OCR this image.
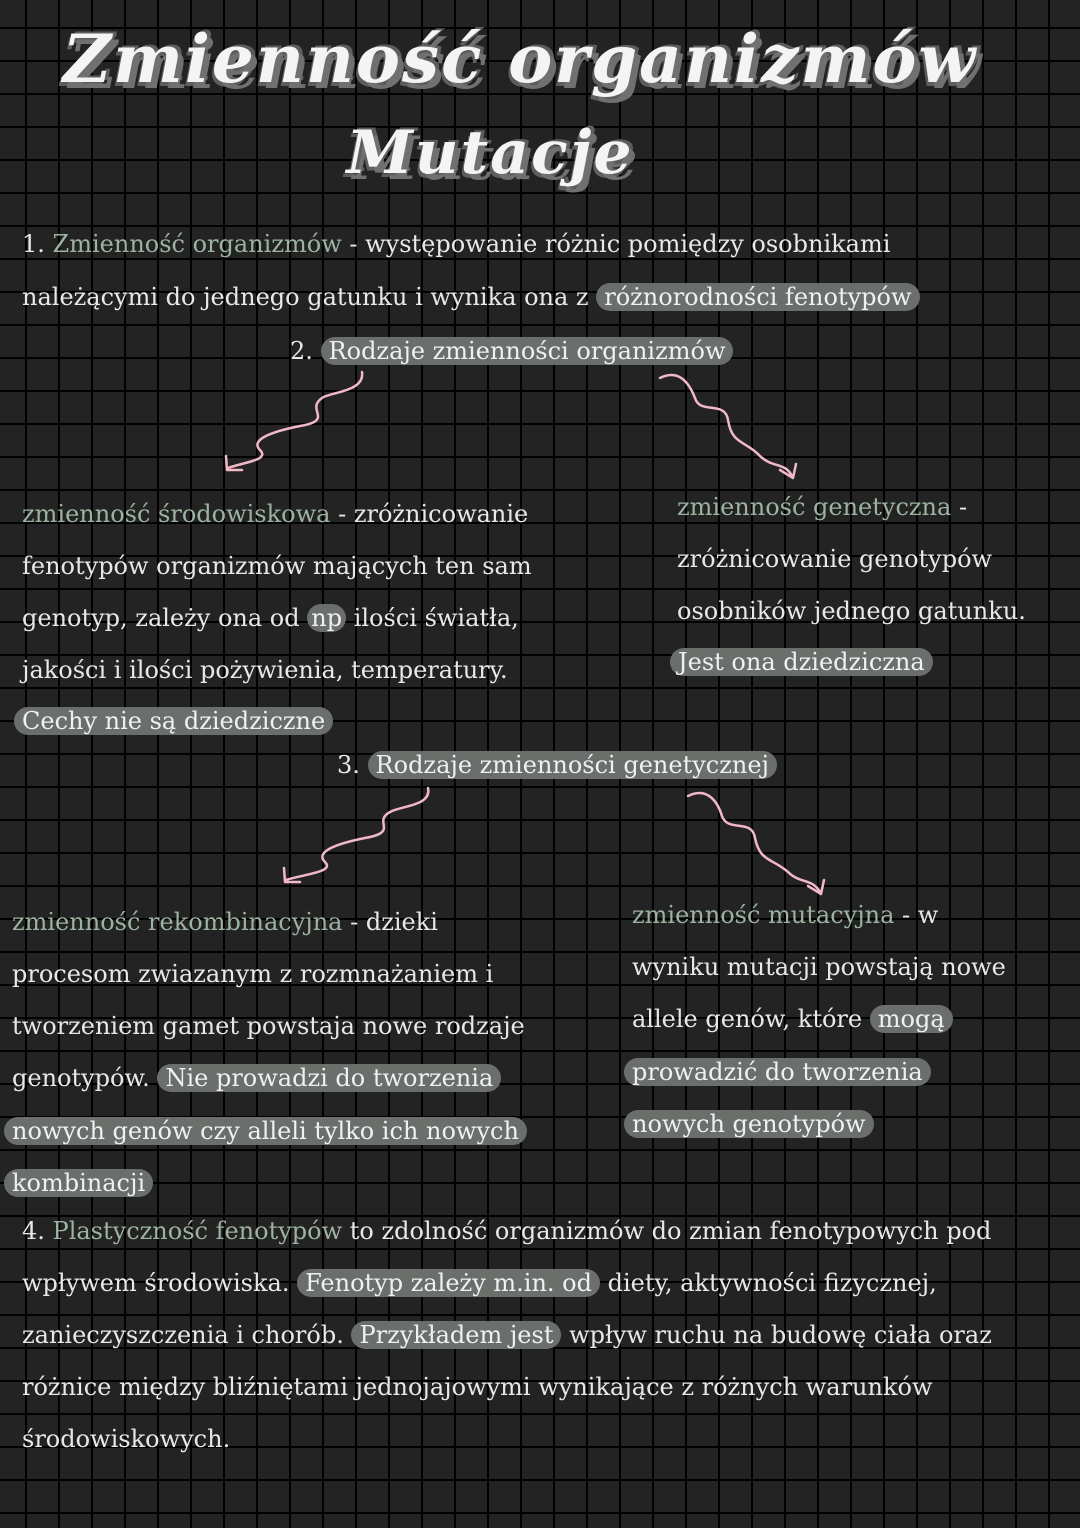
Zmienność organizmów
Mutacje
1. Zmienność organizmów - występowanie różnic pomiędzy osobnikami
należącymi do jednego gatunku i wynika ona z różnorodności fenotypów
2. Rodzaje zmienności organizmów
zmienność środowiskowa - zróżnicowanie
fenotypów organizmów mających ten sam
genotyp, zależy ona od np ilości światła,
jakości i ilości pożywienia, temperatury.
Cechy nie są dziedziczne
zmienność genetyczna -
zróżnicowanie genotypów
osobników jednego gatunku.
Jest ona dziedziczna
3. Rodzaje zmienności genetycznej
zmienność rekombinacyjna - dzieki
procesom zwiazanym z rozmnażaniem i
tworzeniem gamet powstaja nowe rodzaje
genotypów. Nie prowadzi do tworzenia
nowych genów czy alleli tylko ich nowych
kombinacji
zmienność mutacyjna - w
wyniku mutacji powstają nowe
allele genów, które mogą
prowadzić do tworzenia
nowych genotypów
4. Plastyczność fenotypów to zdolność organizmów do zmian fenotypowych pod
wpływem środowiska. Fenotyp zależy m.in. od diety, aktywności fizycznej,
zanieczyszczenia i chorób. Przykładem jest wpływ ruchu na budowę ciała oraz
różnice między bliźniętami jednojajowymi wynikające z różnych warunków
środowiskowych.
